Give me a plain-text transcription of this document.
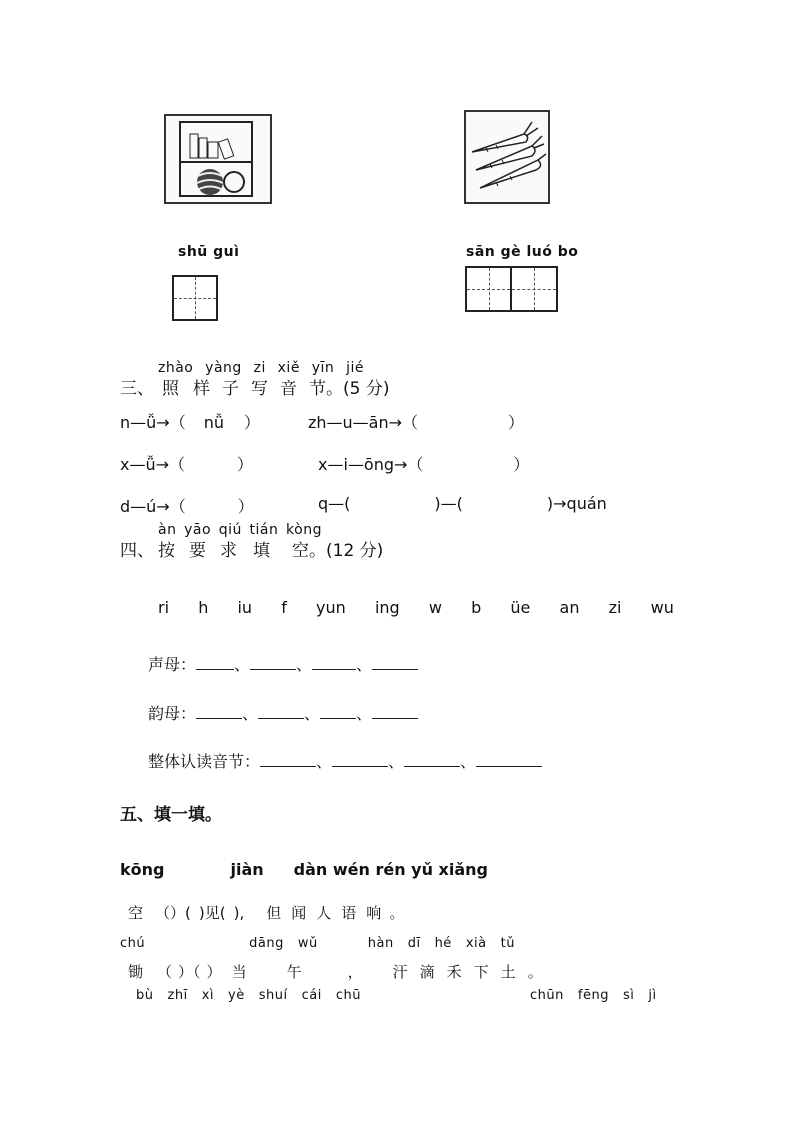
shū guì	sān gè luó bo
zhào yàng zi xiě yīn jié
三、 照 样 子 写 音 节。(5 分)
n—ǚ→（ nǚ ）	zh—u—ān→（	）
x—ǚ→（	）	x—i—ōng→（	）
d—ú→（	）	q—(	)—(	)→quán
àn yāo qiú tián kòng
四、 按 要 求 填 空。(12 分)
ri h iu f yun ing w b üe an zi wu
声母： 、	、	、
韵母：	、	、 、
整体认读音节：	、	、	、
五、填一填。
kōng	jiàn dàn wén rén yǔ xiǎng
空 （）( )见( ), 但 闻 人 语 响 。
chú	dāng wǔ	hàn dī hé xià tǔ
锄 （ ）（ ） 当	午	， 汗 滴 禾 下 土 。
bù zhī xì yè shuí cái chū	chūn fēng sì jì
